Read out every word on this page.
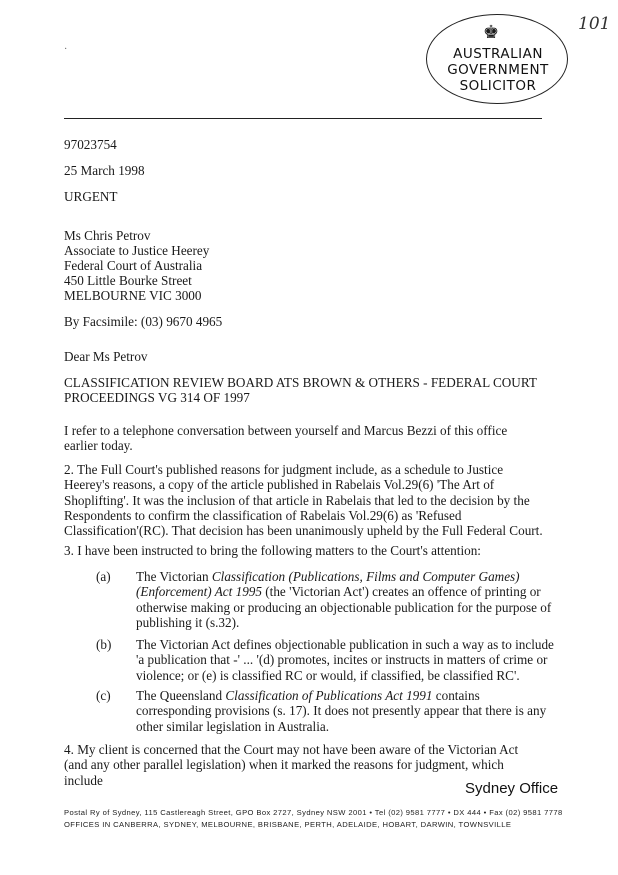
101
·
♚
AUSTRALIAN
GOVERNMENT
SOLICITOR
97023754
25 March 1998
URGENT
Ms Chris Petrov
Associate to Justice Heerey
Federal Court of Australia
450 Little Bourke Street
MELBOURNE VIC 3000
By Facsimile: (03) 9670 4965
Dear Ms Petrov
CLASSIFICATION REVIEW BOARD ATS BROWN & OTHERS - FEDERAL COURT
PROCEEDINGS VG 314 OF 1997
I refer to a telephone conversation between yourself and Marcus Bezzi of this office earlier today.
2. The Full Court's published reasons for judgment include, as a schedule to Justice Heerey's reasons, a copy of the article published in Rabelais Vol.29(6) 'The Art of Shoplifting'. It was the inclusion of that article in Rabelais that led to the decision by the Respondents to confirm the classification of Rabelais Vol.29(6) as 'Refused Classification'(RC). That decision has been unanimously upheld by the Full Federal Court.
3. I have been instructed to bring the following matters to the Court's attention:
(a) The Victorian Classification (Publications, Films and Computer Games) (Enforcement) Act 1995 (the 'Victorian Act') creates an offence of printing or otherwise making or producing an objectionable publication for the purpose of publishing it (s.32).
(b) The Victorian Act defines objectionable publication in such a way as to include 'a publication that -' ... '(d) promotes, incites or instructs in matters of crime or violence; or (e) is classified RC or would, if classified, be classified RC'.
(c) The Queensland Classification of Publications Act 1991 contains corresponding provisions (s. 17). It does not presently appear that there is any other similar legislation in Australia.
4. My client is concerned that the Court may not have been aware of the Victorian Act (and any other parallel legislation) when it marked the reasons for judgment, which include	Sydney Office
Postal Ry of Sydney, 115 Castlereagh Street, GPO Box 2727, Sydney NSW 2001 • Tel (02) 9581 7777 • DX 444 • Fax (02) 9581 7778
OFFICES IN CANBERRA, SYDNEY, MELBOURNE, BRISBANE, PERTH, ADELAIDE, HOBART, DARWIN, TOWNSVILLE
